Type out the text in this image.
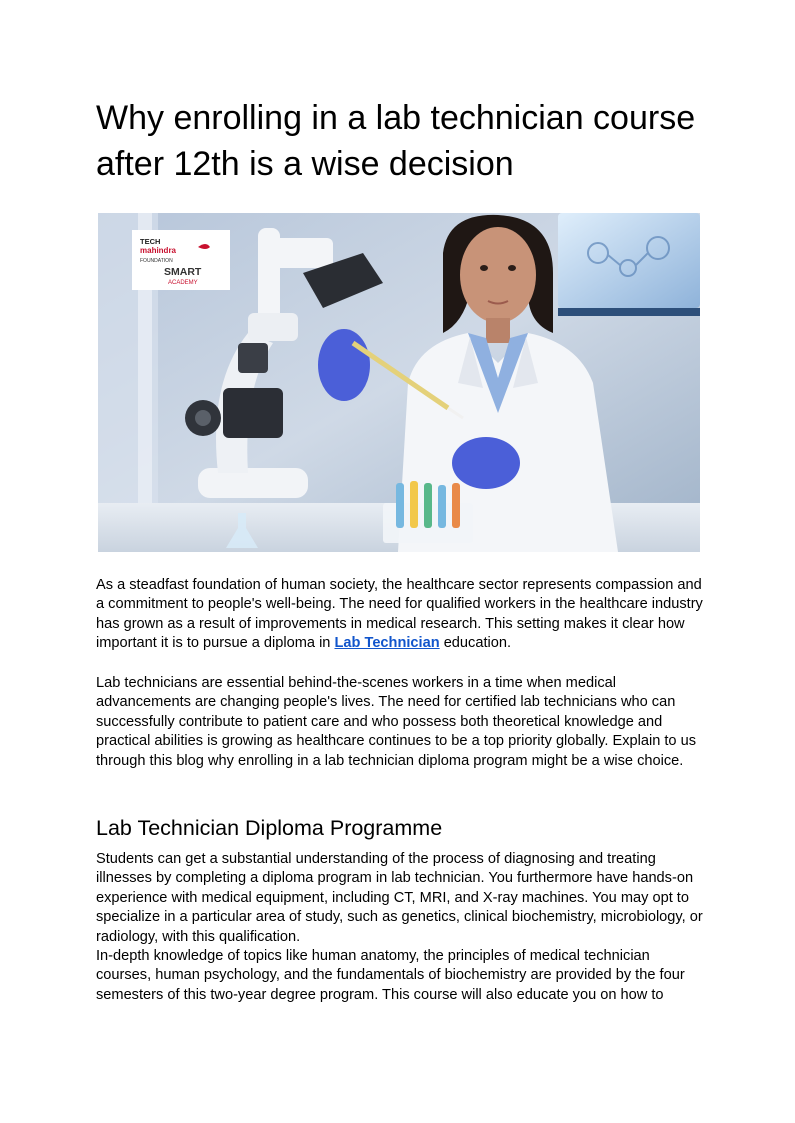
Why enrolling in a lab technician course after 12th is a wise decision
TECH
mahindra
FOUNDATION
SMART
ACADEMY

As a steadfast foundation of human society, the healthcare sector represents compassion and a commitment to people's well-being. The need for qualified workers in the healthcare industry has grown as a result of improvements in medical research. This setting makes it clear how important it is to pursue a diploma in Lab Technician education.

Lab technicians are essential behind-the-scenes workers in a time when medical advancements are changing people's lives. The need for certified lab technicians who can successfully contribute to patient care and who possess both theoretical knowledge and practical abilities is growing as healthcare continues to be a top priority globally. Explain to us through this blog why enrolling in a lab technician diploma program might be a wise choice.

Lab Technician Diploma Programme
Students can get a substantial understanding of the process of diagnosing and treating illnesses by completing a diploma program in lab technician. You furthermore have hands-on experience with medical equipment, including CT, MRI, and X-ray machines. You may opt to specialize in a particular area of study, such as genetics, clinical biochemistry, microbiology, or radiology, with this qualification.
In-depth knowledge of topics like human anatomy, the principles of medical technician courses, human psychology, and the fundamentals of biochemistry are provided by the four semesters of this two-year degree program. This course will also educate you on how to
